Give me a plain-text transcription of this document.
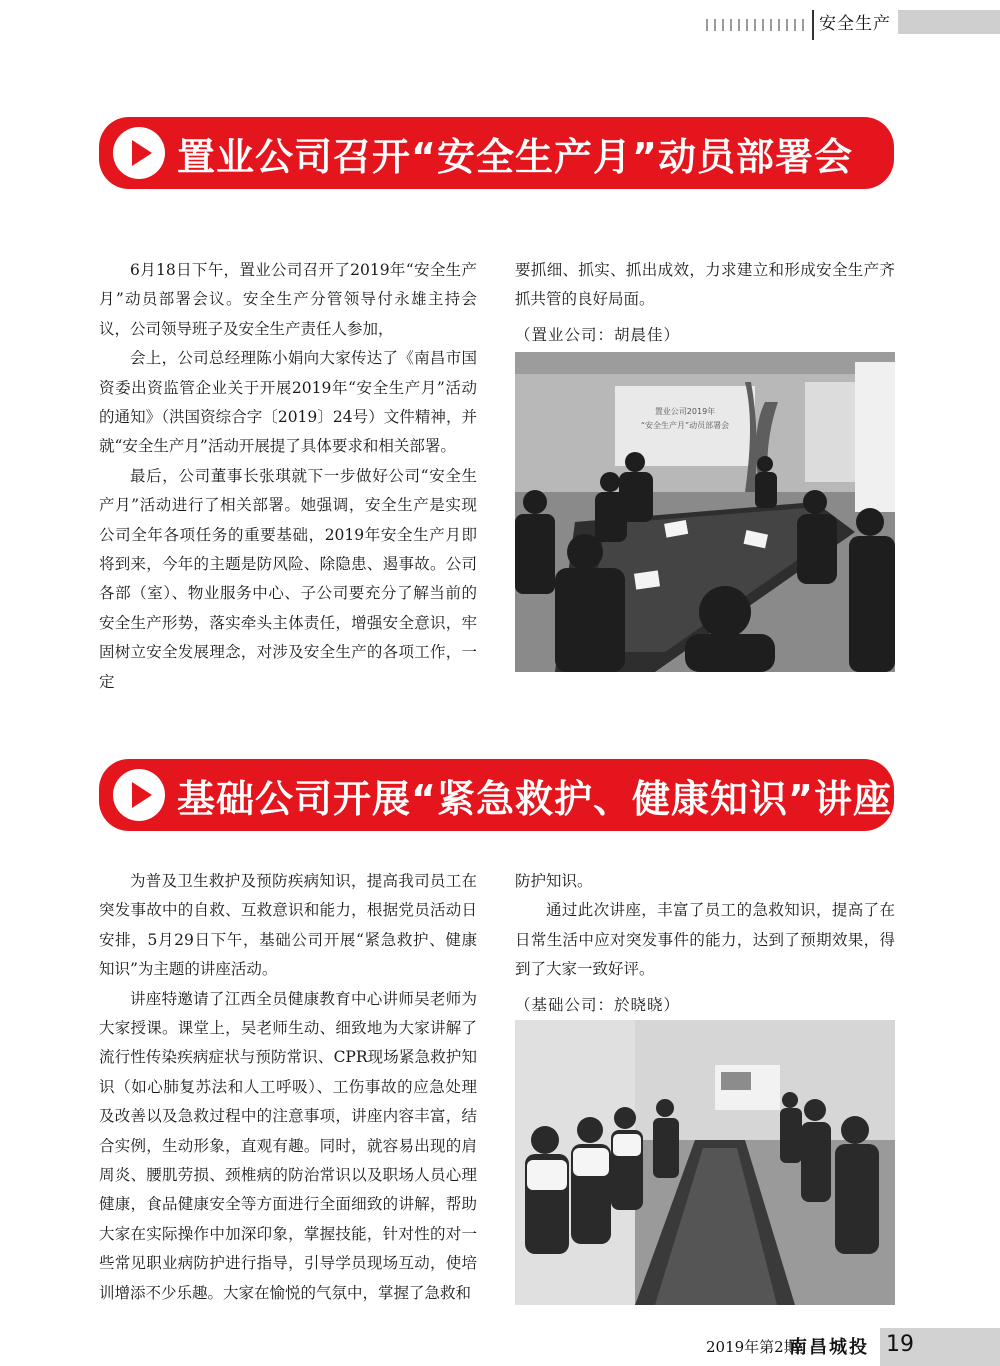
安全生产
置业公司召开“安全生产月”动员部署会

6月18日下午，置业公司召开了2019年“安全生产月”动员部署会议。安全生产分管领导付永雄主持会议，公司领导班子及安全生产责任人参加，

会上，公司总经理陈小娟向大家传达了《南昌市国资委出资监管企业关于开展2019年“安全生产月”活动的通知》（洪国资综合字〔2019〕24号）文件精神，并就“安全生产月”活动开展提了具体要求和相关部署。

最后，公司董事长张琪就下一步做好公司“安全生产月”活动进行了相关部署。她强调，安全生产是实现公司全年各项任务的重要基础，2019年安全生产月即将到来，今年的主题是防风险、除隐患、遏事故。公司各部（室）、物业服务中心、子公司要充分了解当前的安全生产形势，落实牵头主体责任，增强安全意识，牢固树立安全发展理念，对涉及安全生产的各项工作，一定

要抓细、抓实、抓出成效，力求建立和形成安全生产齐抓共管的良好局面。

（置业公司：胡晨佳）

置业公司2019年
“安全生产月”动员部署会
基础公司开展“紧急救护、健康知识”讲座

为普及卫生救护及预防疾病知识，提高我司员工在突发事故中的自救、互救意识和能力，根据党员活动日安排，5月29日下午，基础公司开展“紧急救护、健康知识”为主题的讲座活动。

讲座特邀请了江西全员健康教育中心讲师吴老师为大家授课。课堂上，吴老师生动、细致地为大家讲解了流行性传染疾病症状与预防常识、CPR现场紧急救护知识（如心肺复苏法和人工呼吸）、工伤事故的应急处理及改善以及急救过程中的注意事项，讲座内容丰富，结合实例，生动形象，直观有趣。同时，就容易出现的肩周炎、腰肌劳损、颈椎病的防治常识以及职场人员心理健康，食品健康安全等方面进行全面细致的讲解，帮助大家在实际操作中加深印象，掌握技能，针对性的对一些常见职业病防护进行指导，引导学员现场互动，使培训增添不少乐趣。大家在愉悦的气氛中，掌握了急救和

防护知识。

通过此次讲座，丰富了员工的急救知识，提高了在日常生活中应对突发事件的能力，达到了预期效果，得到了大家一致好评。

（基础公司：於晓晓）

2019年第2期
南昌城投 19
